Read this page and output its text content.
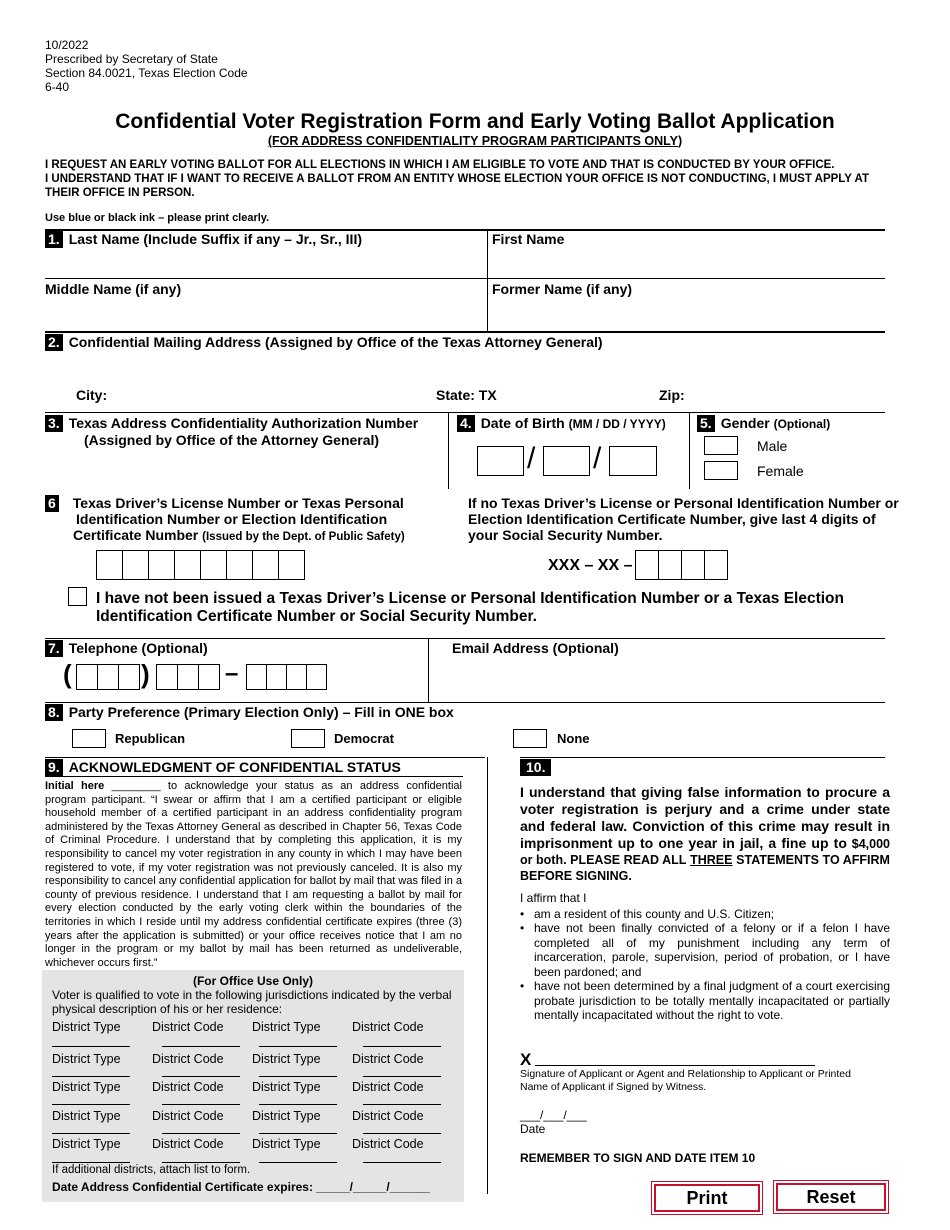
10/2022
Prescribed by Secretary of State
Section 84.0021, Texas Election Code
6-40
Confidential Voter Registration Form and Early Voting Ballot Application
(FOR ADDRESS CONFIDENTIALITY PROGRAM PARTICIPANTS ONLY)
I REQUEST AN EARLY VOTING BALLOT FOR ALL ELECTIONS IN WHICH I AM ELIGIBLE TO VOTE AND THAT IS CONDUCTED BY YOUR OFFICE.
I UNDERSTAND THAT IF I WANT TO RECEIVE A BALLOT FROM AN ENTITY WHOSE ELECTION YOUR OFFICE IS NOT CONDUCTING, I MUST APPLY AT THEIR OFFICE IN PERSON.
Use blue or black ink – please print clearly.
1. Last Name (Include Suffix if any – Jr., Sr., III)	First Name
Middle Name (if any)	Former Name (if any)
2. Confidential Mailing Address (Assigned by Office of the Texas Attorney General)
City:	State: TX	Zip:
3. Texas Address Confidentiality Authorization Number
(Assigned by Office of the Attorney General)
4. Date of Birth (MM / DD / YYYY)
/ /
5. Gender (Optional)
Male
Female
6 Texas Driver’s License Number or Texas Personal
Identification Number or Election Identification
Certificate Number (Issued by the Dept. of Public Safety)
If no Texas Driver’s License or Personal Identification Number or Election Identification Certificate Number, give last 4 digits of your Social Security Number.
XXX – XX –
I have not been issued a Texas Driver’s License or Personal Identification Number or a Texas Election Identification Certificate Number or Social Security Number.
7. Telephone (Optional)	Email Address (Optional)
(	)	–
8. Party Preference (Primary Election Only) – Fill in ONE box
Republican	Democrat	None
9. ACKNOWLEDGMENT OF CONFIDENTIAL STATUS
Initial here ________ to acknowledge your status as an address confidential program participant. “I swear or affirm that I am a certified participant or eligible household member of a certified participant in an address confidentiality program administered by the Texas Attorney General as described in Chapter 56, Texas Code of Criminal Procedure. I understand that by completing this application, it is my responsibility to cancel my voter registration in any county in which I may have been registered to vote, if my voter registration was not previously canceled. It is also my responsibility to cancel any confidential application for ballot by mail that was filed in a county of previous residence. I understand that I am requesting a ballot by mail for every election conducted by the early voting clerk within the boundaries of the territories in which I reside until my address confidential certificate expires (three (3) years after the application is submitted) or your office receives notice that I am no longer in the program or my ballot by mail has been returned as undeliverable, whichever occurs first.”
(For Office Use Only)
Voter is qualified to vote in the following jurisdictions indicated by the verbal physical description of his or her residence:
If additional districts, attach list to form.
Date Address Confidential Certificate expires: _____/_____/______
District Type	District Code	District Type	District Code
District Type	District Code	District Type	District Code
District Type	District Code	District Type	District Code
District Type	District Code	District Type	District Code
District Type	District Code	District Type	District Code
10.
I understand that giving false information to procure a voter registration is perjury and a crime under state and federal law. Conviction of this crime may result in imprisonment up to one year in jail, a fine up to $4,000 or both. PLEASE READ ALL THREE STATEMENTS TO AFFIRM BEFORE SIGNING.
I affirm that I
• am a resident of this county and U.S. Citizen;
• have not been finally convicted of a felony or if a felon I have completed all of my punishment including any term of incarceration, parole, supervision, period of probation, or I have been pardoned; and
• have not been determined by a final judgment of a court exercising probate jurisdiction to be totally mentally incapacitated or partially mentally incapacitated without the right to vote.
X
Signature of Applicant or Agent and Relationship to Applicant or Printed Name of Applicant if Signed by Witness.
___/___/___
Date
REMEMBER TO SIGN AND DATE ITEM 10
Print	Reset
